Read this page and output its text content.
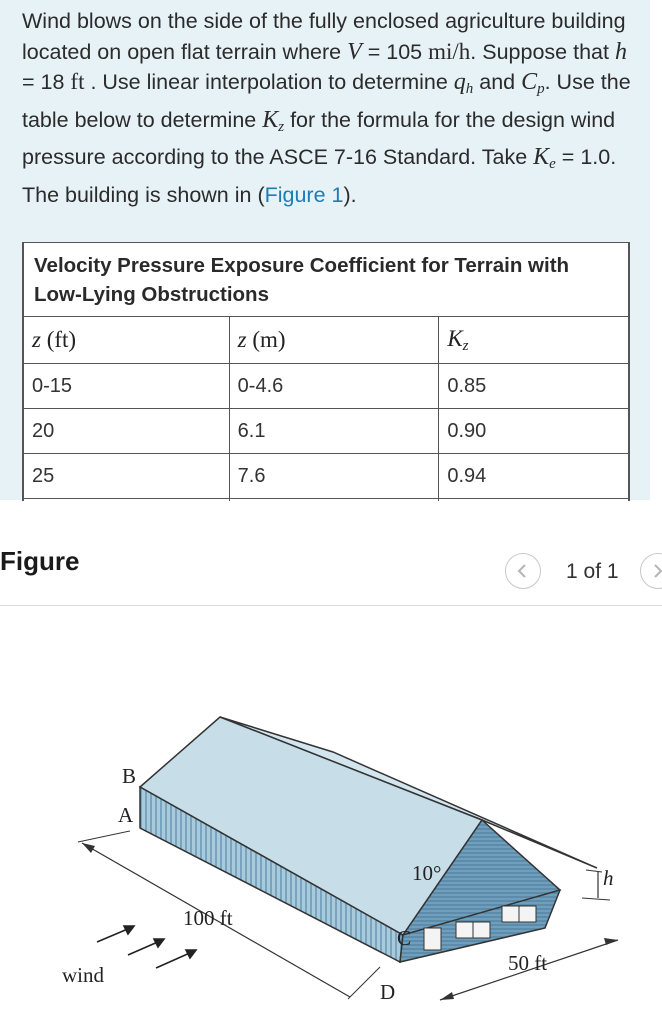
Wind blows on the side of the fully enclosed agriculture building located on open flat terrain where V = 105 mi/h. Suppose that h = 18 ft . Use linear interpolation to determine $q_h$ and $C_p$. Use the table below to determine $K_z$ for the formula for the design wind pressure according to the ASCE 7-16 Standard. Take $K_e = 1.0$. The building is shown in (Figure 1).
Velocity Pressure Exposure Coefficient for Terrain with Low-Lying Obstructions		
z (ft)	z (m)	$K_z$
0-15	0-4.6	0.85
20	6.1	0.90
25	7.6	0.94

Figure	1 of 1
B
A
C
D
10°
100 ft
50 ft
h
wind
